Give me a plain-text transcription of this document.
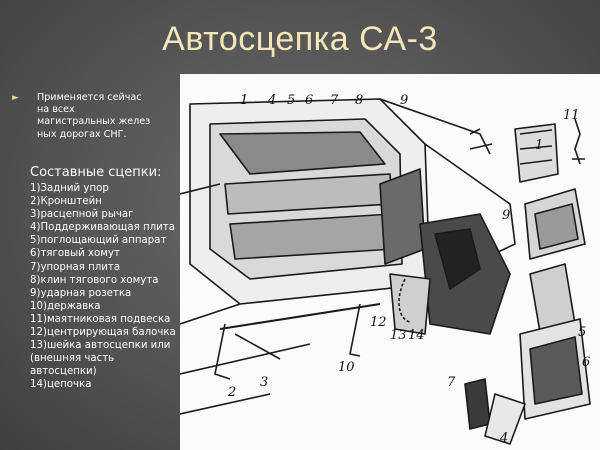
Автосцепка СА-3
► Применяется сейчас
на всех
магистральных желез
ных дорогах СНГ.
Составные сцепки:
1)Задний упор
2)Кронштейн
3)расцепной рычаг
4)Поддерживающая плита
5)поглощающий аппарат
6)тяговый хомут
7)упорная плита
8)клин тягового хомута
9)ударная розетка
10)державка
11)маятниковая подвеска
12)центрирующая балочка
13)шейка автосцепки или
(внешняя часть
автосцепки)
14)цепочка
1 4 5 6 7 8	9
11
9
1
5
6
7
4
2
3
10
12
13 14
